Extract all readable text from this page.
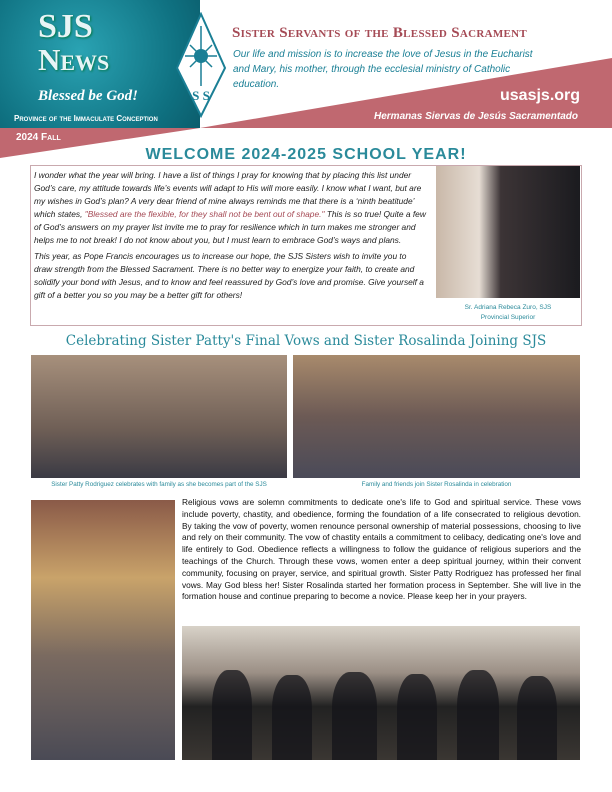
S S
SJS
News
Blessed be God!
Province of the Immaculate Conception
2024 Fall
Sister Servants of the Blessed Sacrament
Our life and mission is to increase the love of Jesus in the Eucharist and Mary, his mother, through the ecclesial ministry of Catholic education.
usasjs.org
Hermanas Siervas de Jesús Sacramentado
WELCOME 2024-2025 SCHOOL YEAR!

I wonder what the year will bring. I have a list of things I pray for knowing that by placing this list under God’s care, my attitude towards life’s events will adapt to His will more easily. I know what I want, but are my wishes in God’s plan? A very dear friend of mine always reminds me that there is a ‘ninth beatitude’ which states, "Blessed are the flexible, for they shall not be bent out of shape." This is so true! Quite a few of God’s answers on my prayer list invite me to pray for resilience which in turn makes me stronger and helps me to not break! I do not know about you, but I must learn to embrace God’s ways and plans.

This year, as Pope Francis encourages us to increase our hope, the SJS Sisters wish to invite you to draw strength from the Blessed Sacrament. There is no better way to energize your faith, to create and solidify your bond with Jesus, and to know and feel reassured by God’s love and promise. Give yourself a gift of a better you so you may be a better gift for others!

Sr. Adriana Rebeca Zuro, SJS
Provincial Superior
Celebrating Sister Patty's Final Vows and Sister Rosalinda Joining SJS
Sister Patty Rodriguez celebrates with family as she becomes part of the SJS	Family and friends join Sister Rosalinda in celebration
Religious vows are solemn commitments to dedicate one's life to God and spiritual service. These vows include poverty, chastity, and obedience, forming the foundation of a life consecrated to religious devotion. By taking the vow of poverty, women renounce personal ownership of material possessions, choosing to live and rely on their community. The vow of chastity entails a commitment to celibacy, dedicating one's love and life entirely to God. Obedience reflects a willingness to follow the guidance of religious superiors and the teachings of the Church. Through these vows, women enter a deep spiritual journey, within their convent community, focusing on prayer, service, and spiritual growth. Sister Patty Rodriguez has professed her final vows. May God bless her! Sister Rosalinda started her formation process in September. She will live in the formation house and continue preparing to become a novice. Please keep her in your prayers.
